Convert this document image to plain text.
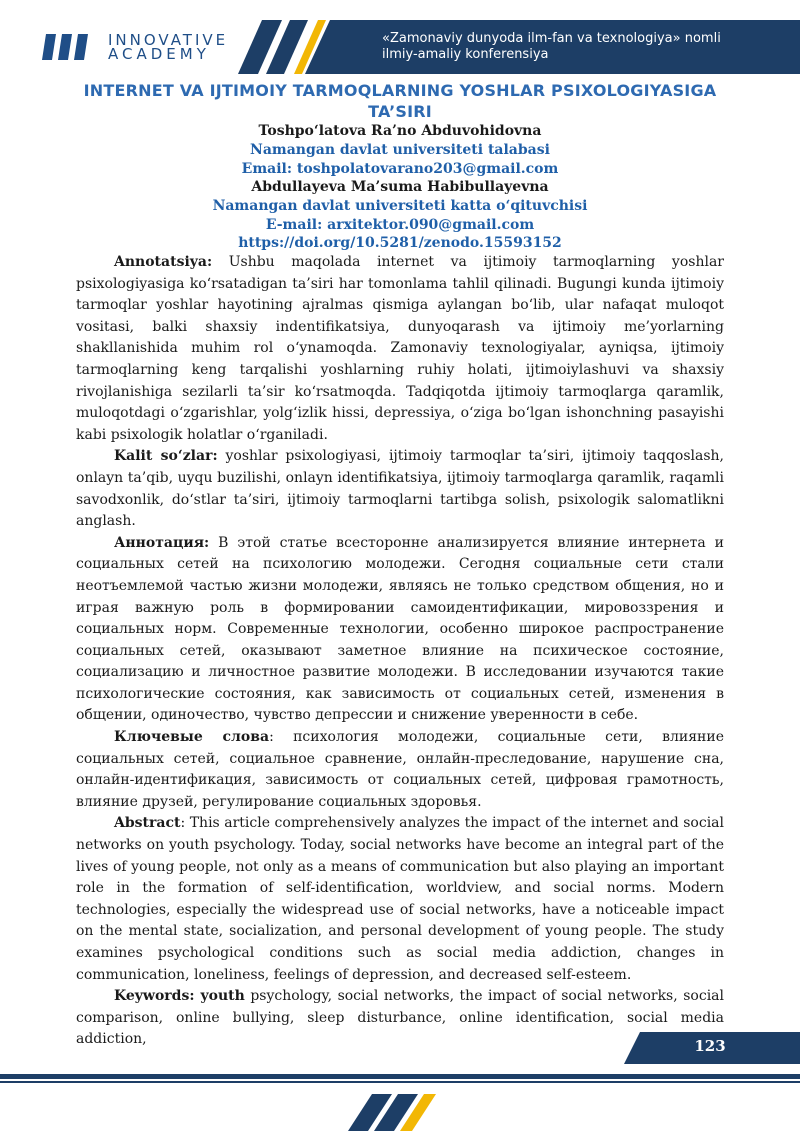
INNOVATIVE
ACADEMY
«Zamonaviy dunyoda ilm-fan va texnologiya» nomli
ilmiy-amaliy konferensiya
INTERNET VA IJTIMOIY TARMOQLARNING YOSHLAR PSIXOLOGIYASIGA TA’SIRI
Toshpo‘latova Ra’no Abduvohidovna
Namangan davlat universiteti talabasi
Email: toshpolatovarano203@gmail.com
Abdullayeva Ma’suma Habibullayevna
Namangan davlat universiteti katta o‘qituvchisi
E-mail: arxitektor.090@gmail.com
https://doi.org/10.5281/zenodo.15593152

Annotatsiya: Ushbu maqolada internet va ijtimoiy tarmoqlarning yoshlar psixologiyasiga ko‘rsatadigan ta’siri har tomonlama tahlil qilinadi. Bugungi kunda ijtimoiy tarmoqlar yoshlar hayotining ajralmas qismiga aylangan bo‘lib, ular nafaqat muloqot vositasi, balki shaxsiy indentifikatsiya, dunyoqarash va ijtimoiy me’yorlarning shakllanishida muhim rol o‘ynamoqda. Zamonaviy texnologiyalar, ayniqsa, ijtimoiy tarmoqlarning keng tarqalishi yoshlarning ruhiy holati, ijtimoiylashuvi va shaxsiy rivojlanishiga sezilarli ta’sir ko‘rsatmoqda. Tadqiqotda ijtimoiy tarmoqlarga qaramlik, muloqotdagi o‘zgarishlar, yolg‘izlik hissi, depressiya, o‘ziga bo‘lgan ishonchning pasayishi kabi psixologik holatlar o‘rganiladi.

Kalit so‘zlar: yoshlar psixologiyasi, ijtimoiy tarmoqlar ta’siri, ijtimoiy taqqoslash, onlayn ta’qib, uyqu buzilishi, onlayn identifikatsiya, ijtimoiy tarmoqlarga qaramlik, raqamli savodxonlik, do‘stlar ta’siri, ijtimoiy tarmoqlarni tartibga solish, psixologik salomatlikni anglash.

Аннотация: В этой статье всесторонне анализируется влияние интернета и социальных сетей на психологию молодежи. Сегодня социальные сети стали неотъемлемой частью жизни молодежи, являясь не только средством общения, но и играя важную роль в формировании самоидентификации, мировоззрения и социальных норм. Современные технологии, особенно широкое распространение социальных сетей, оказывают заметное влияние на психическое состояние, социализацию и личностное развитие молодежи. В исследовании изучаются такие психологические состояния, как зависимость от социальных сетей, изменения в общении, одиночество, чувство депрессии и снижение уверенности в себе.

Ключевые слова: психология молодежи, социальные сети, влияние социальных сетей, социальное сравнение, онлайн-преследование, нарушение сна, онлайн-идентификация, зависимость от социальных сетей, цифровая грамотность, влияние друзей, регулирование социальных здоровья.

Abstract: This article comprehensively analyzes the impact of the internet and social networks on youth psychology. Today, social networks have become an integral part of the lives of young people, not only as a means of communication but also playing an important role in the formation of self-identification, worldview, and social norms. Modern technologies, especially the widespread use of social networks, have a noticeable impact on the mental state, socialization, and personal development of young people. The study examines psychological conditions such as social media addiction, changes in communication, loneliness, feelings of depression, and decreased self-esteem.

Keywords: youth psychology, social networks, the impact of social networks, social comparison, online bullying, sleep disturbance, online identification, social media addiction,	123
